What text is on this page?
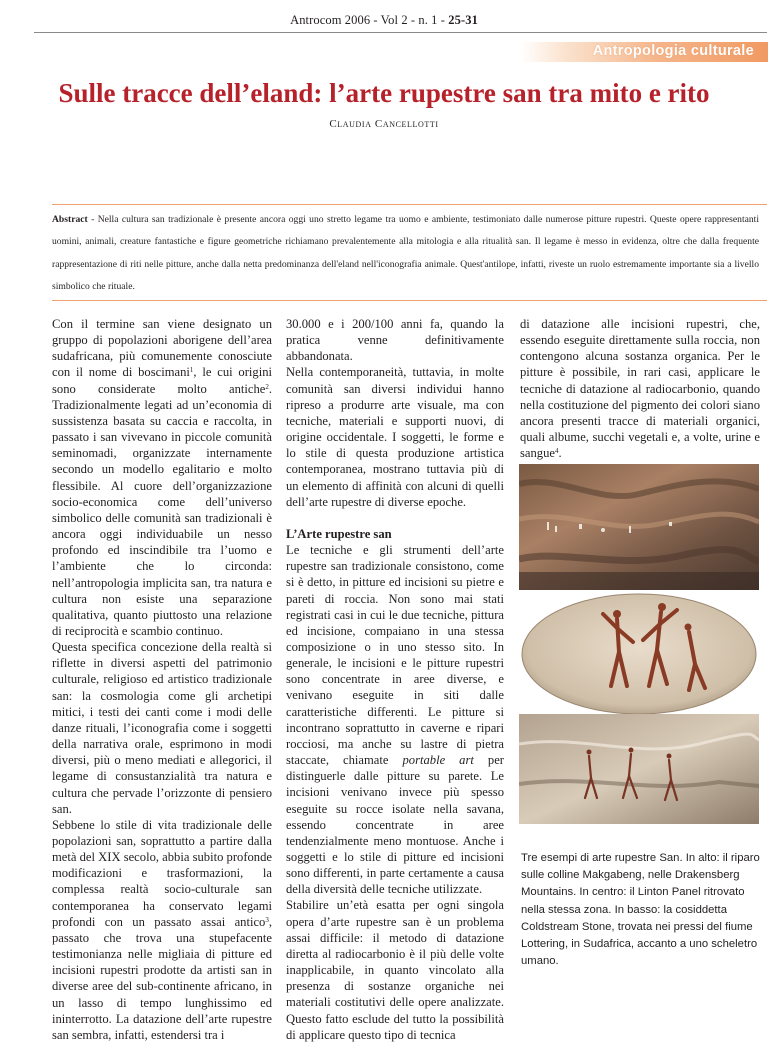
Antrocom 2006 - Vol 2 - n. 1 - 25-31
Antropologia culturale
Sulle tracce dell’eland: l’arte rupestre san tra mito e rito
Claudia Cancellotti
Abstract - Nella cultura san tradizionale è presente ancora oggi uno stretto legame tra uomo e ambiente, testimoniato dalle numerose pitture rupestri. Queste opere rappresentanti uomini, animali, creature fantastiche e figure geometriche richiamano prevalentemente alla mitologia e alla ritualità san. Il legame è messo in evidenza, oltre che dalla frequente rappresentazione di riti nelle pitture, anche dalla netta predominanza dell'eland nell'iconografia animale. Quest'antilope, infatti, riveste un ruolo estremamente importante sia a livello simbolico che rituale.

Con il termine san viene designato un gruppo di popolazioni aborigene dell’area sudafricana, più comunemente conosciute con il nome di boscimani$^1$, le cui origini sono considerate molto antiche$^2$. Tradizionalmente legati ad un’economia di sussistenza basata su caccia e raccolta, in passato i san vivevano in piccole comunità seminomadi, organizzate internamente secondo un modello egalitario e molto flessibile. Al cuore dell’organizzazione socio-economica come dell’universo simbolico delle comunità san tradizionali è ancora oggi individuabile un nesso profondo ed inscindibile tra l’uomo e l’ambiente che lo circonda: nell’antropologia implicita san, tra natura e cultura non esiste una separazione qualitativa, quanto piuttosto una relazione di reciprocità e scambio continuo.

Questa specifica concezione della realtà si riflette in diversi aspetti del patrimonio culturale, religioso ed artistico tradizionale san: la cosmologia come gli archetipi mitici, i testi dei canti come i modi delle danze rituali, l’iconografia come i soggetti della narrativa orale, esprimono in modi diversi, più o meno mediati e allegorici, il legame di consustanzialità tra natura e cultura che pervade l’orizzonte di pensiero san.

Sebbene lo stile di vita tradizionale delle popolazioni san, soprattutto a partire dalla metà del XIX secolo, abbia subito profonde modificazioni e trasformazioni, la complessa realtà socio-culturale san contemporanea ha conservato legami profondi con un passato assai antico$^3$, passato che trova una stupefacente testimonianza nelle migliaia di pitture ed incisioni rupestri prodotte da artisti san in diverse aree del sub-continente africano, in un lasso di tempo lunghissimo ed ininterrotto. La datazione dell’arte rupestre san sembra, infatti, estendersi tra i

30.000 e i 200/100 anni fa, quando la pratica venne definitivamente abbandonata.

Nella contemporaneità, tuttavia, in molte comunità san diversi individui hanno ripreso a produrre arte visuale, ma con tecniche, materiali e supporti nuovi, di origine occidentale. I soggetti, le forme e lo stile di questa produzione artistica contemporanea, mostrano tuttavia più di un elemento di affinità con alcuni di quelli dell’arte rupestre di diverse epoche.

L’Arte rupestre san

Le tecniche e gli strumenti dell’arte rupestre san tradizionale consistono, come si è detto, in pitture ed incisioni su pietre e pareti di roccia. Non sono mai stati registrati casi in cui le due tecniche, pittura ed incisione, compaiano in una stessa composizione o in uno stesso sito. In generale, le incisioni e le pitture rupestri sono concentrate in aree diverse, e venivano eseguite in siti dalle caratteristiche differenti. Le pitture si incontrano soprattutto in caverne e ripari rocciosi, ma anche su lastre di pietra staccate, chiamate portable art per distinguerle dalle pitture su parete. Le incisioni venivano invece più spesso eseguite su rocce isolate nella savana, essendo concentrate in aree tendenzialmente meno montuose. Anche i soggetti e lo stile di pitture ed incisioni sono differenti, in parte certamente a causa della diversità delle tecniche utilizzate.

Stabilire un’età esatta per ogni singola opera d’arte rupestre san è un problema assai difficile: il metodo di datazione diretta al radiocarbonio è il più delle volte inapplicabile, in quanto vincolato alla presenza di sostanze organiche nei materiali costitutivi delle opere analizzate. Questo fatto esclude del tutto la possibilità di applicare questo tipo di tecnica

di datazione alle incisioni rupestri, che, essendo eseguite direttamente sulla roccia, non contengono alcuna sostanza organica. Per le pitture è possibile, in rari casi, applicare le tecniche di datazione al radiocarbonio, quando nella costituzione del pigmento dei colori siano ancora presenti tracce di materiali organici, quali albume, succhi vegetali e, a volte, urine e sangue$^4$.

Tre esempi di arte rupestre San. In alto: il riparo sulle colline Makgabeng, nelle Drakensberg Mountains. In centro: il Linton Panel ritrovato nella stessa zona. In basso: la cosiddetta Coldstream Stone, trovata nei pressi del fiume Lottering, in Sudafrica, accanto a uno scheletro umano.
